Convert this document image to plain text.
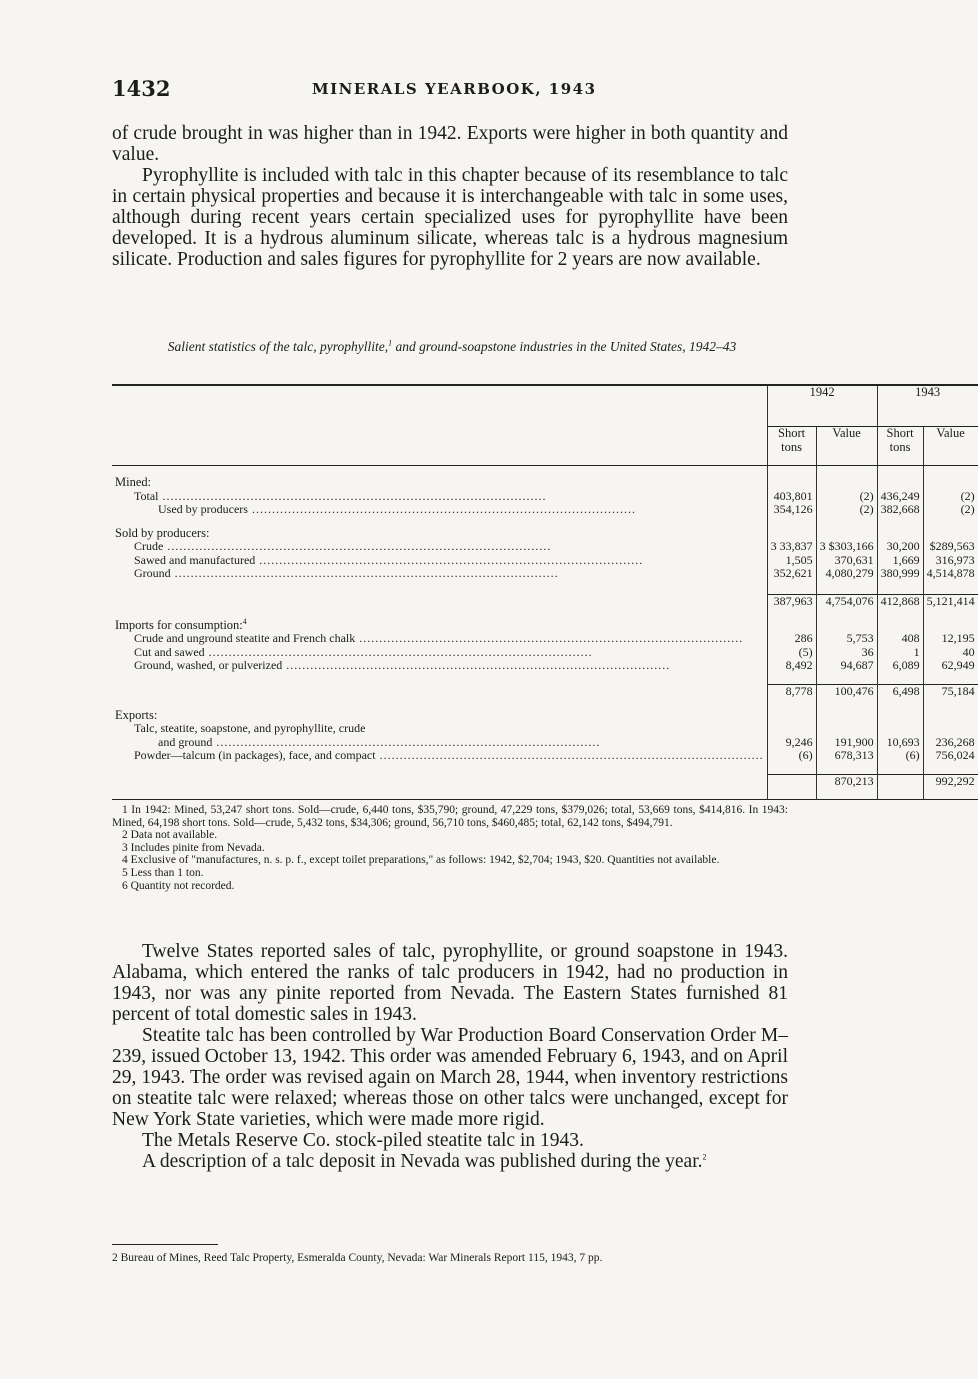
1432	MINERALS YEARBOOK, 1943

of crude brought in was higher than in 1942. Exports were higher in both quantity and value.

Pyrophyllite is included with talc in this chapter because of its resemblance to talc in certain physical properties and because it is interchangeable with talc in some uses, although during recent years certain specialized uses for pyrophyllite have been developed. It is a hydrous aluminum silicate, whereas talc is a hydrous magnesium silicate. Production and sales figures for pyrophyllite for 2 years are now available.

Salient statistics of the talc, pyrophyllite,$^1$ and ground-soapstone industries in the United States, 1942–43

	1942		1943	
	Short tons	Value	Short tons	Value

Mined:				
Total .....	403,801	(2)	436,249	(2)
Used by producers .....	354,126	(2)	382,668	(2)

Sold by producers:				
Crude .....	3 33,837	3 $303,166	30,200	$289,563
Sawed and manufactured .....	1,505	370,631	1,669	316,973
Ground .....	352,621	4,080,279	380,999	4,514,878

	387,963	4,754,076	412,868	5,121,414

Imports for consumption:$^4$				
Crude and unground steatite and French chalk .....	286	5,753	408	12,195
Cut and sawed .....	(5)	36	1	40
Ground, washed, or pulverized .....	8,492	94,687	6,089	62,949

	8,778	100,476	6,498	75,184

Exports:				
Talc, steatite, soapstone, and pyrophyllite, crude				
and ground .....	9,246	191,900	10,693	236,268
Powder—talcum (in packages), face, and compact .....	(6)	678,313	(6)	756,024

		870,213		992,292

1 In 1942: Mined, 53,247 short tons. Sold—crude, 6,440 tons, $35,790; ground, 47,229 tons, $379,026; total, 53,669 tons, $414,816. In 1943: Mined, 64,198 short tons. Sold—crude, 5,432 tons, $34,306; ground, 56,710 tons, $460,485; total, 62,142 tons, $494,791.

2 Data not available.

3 Includes pinite from Nevada.

4 Exclusive of "manufactures, n. s. p. f., except toilet preparations," as follows: 1942, $2,704; 1943, $20. Quantities not available.

5 Less than 1 ton.

6 Quantity not recorded.

Twelve States reported sales of talc, pyrophyllite, or ground soapstone in 1943. Alabama, which entered the ranks of talc producers in 1942, had no production in 1943, nor was any pinite reported from Nevada. The Eastern States furnished 81 percent of total domestic sales in 1943.

Steatite talc has been controlled by War Production Board Conservation Order M–239, issued October 13, 1942. This order was amended February 6, 1943, and on April 29, 1943. The order was revised again on March 28, 1944, when inventory restrictions on steatite talc were relaxed; whereas those on other talcs were unchanged, except for New York State varieties, which were made more rigid.

The Metals Reserve Co. stock-piled steatite talc in 1943.

A description of a talc deposit in Nevada was published during the year.$^2$

2 Bureau of Mines, Reed Talc Property, Esmeralda County, Nevada: War Minerals Report 115, 1943, 7 pp.
